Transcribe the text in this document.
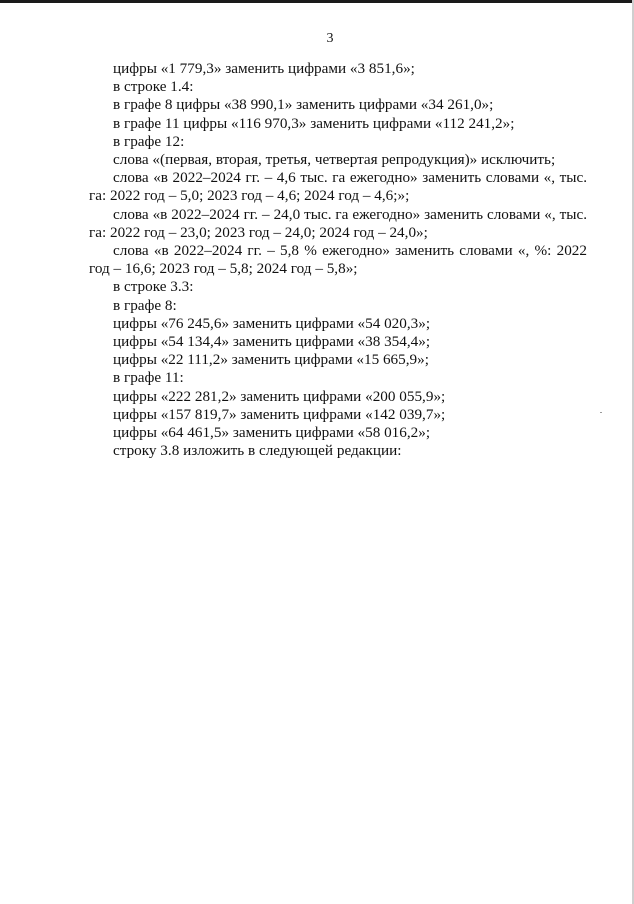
3

цифры «1 779,3» заменить цифрами «3 851,6»;

в строке 1.4:

в графе 8 цифры «38 990,1» заменить цифрами «34 261,0»;

в графе 11 цифры «116 970,3» заменить цифрами «112 241,2»;

в графе 12:

слова «(первая, вторая, третья, четвертая репродукция)» исключить;

слова «в 2022–2024 гг. – 4,6 тыс. га ежегодно» заменить словами «, тыс. га: 2022 год – 5,0; 2023 год – 4,6; 2024 год – 4,6;»;

слова «в 2022–2024 гг. – 24,0 тыс. га ежегодно» заменить словами «, тыс. га: 2022 год – 23,0; 2023 год – 24,0; 2024 год – 24,0»;

слова «в 2022–2024 гг. – 5,8 % ежегодно» заменить словами «, %: 2022 год – 16,6; 2023 год – 5,8; 2024 год – 5,8»;

в строке 3.3:

в графе 8:

цифры «76 245,6» заменить цифрами «54 020,3»;

цифры «54 134,4» заменить цифрами «38 354,4»;

цифры «22 111,2» заменить цифрами «15 665,9»;

в графе 11:

цифры «222 281,2» заменить цифрами «200 055,9»;

цифры «157 819,7» заменить цифрами «142 039,7»;

цифры «64 461,5» заменить цифрами «58 016,2»;

строку 3.8 изложить в следующей редакции:
